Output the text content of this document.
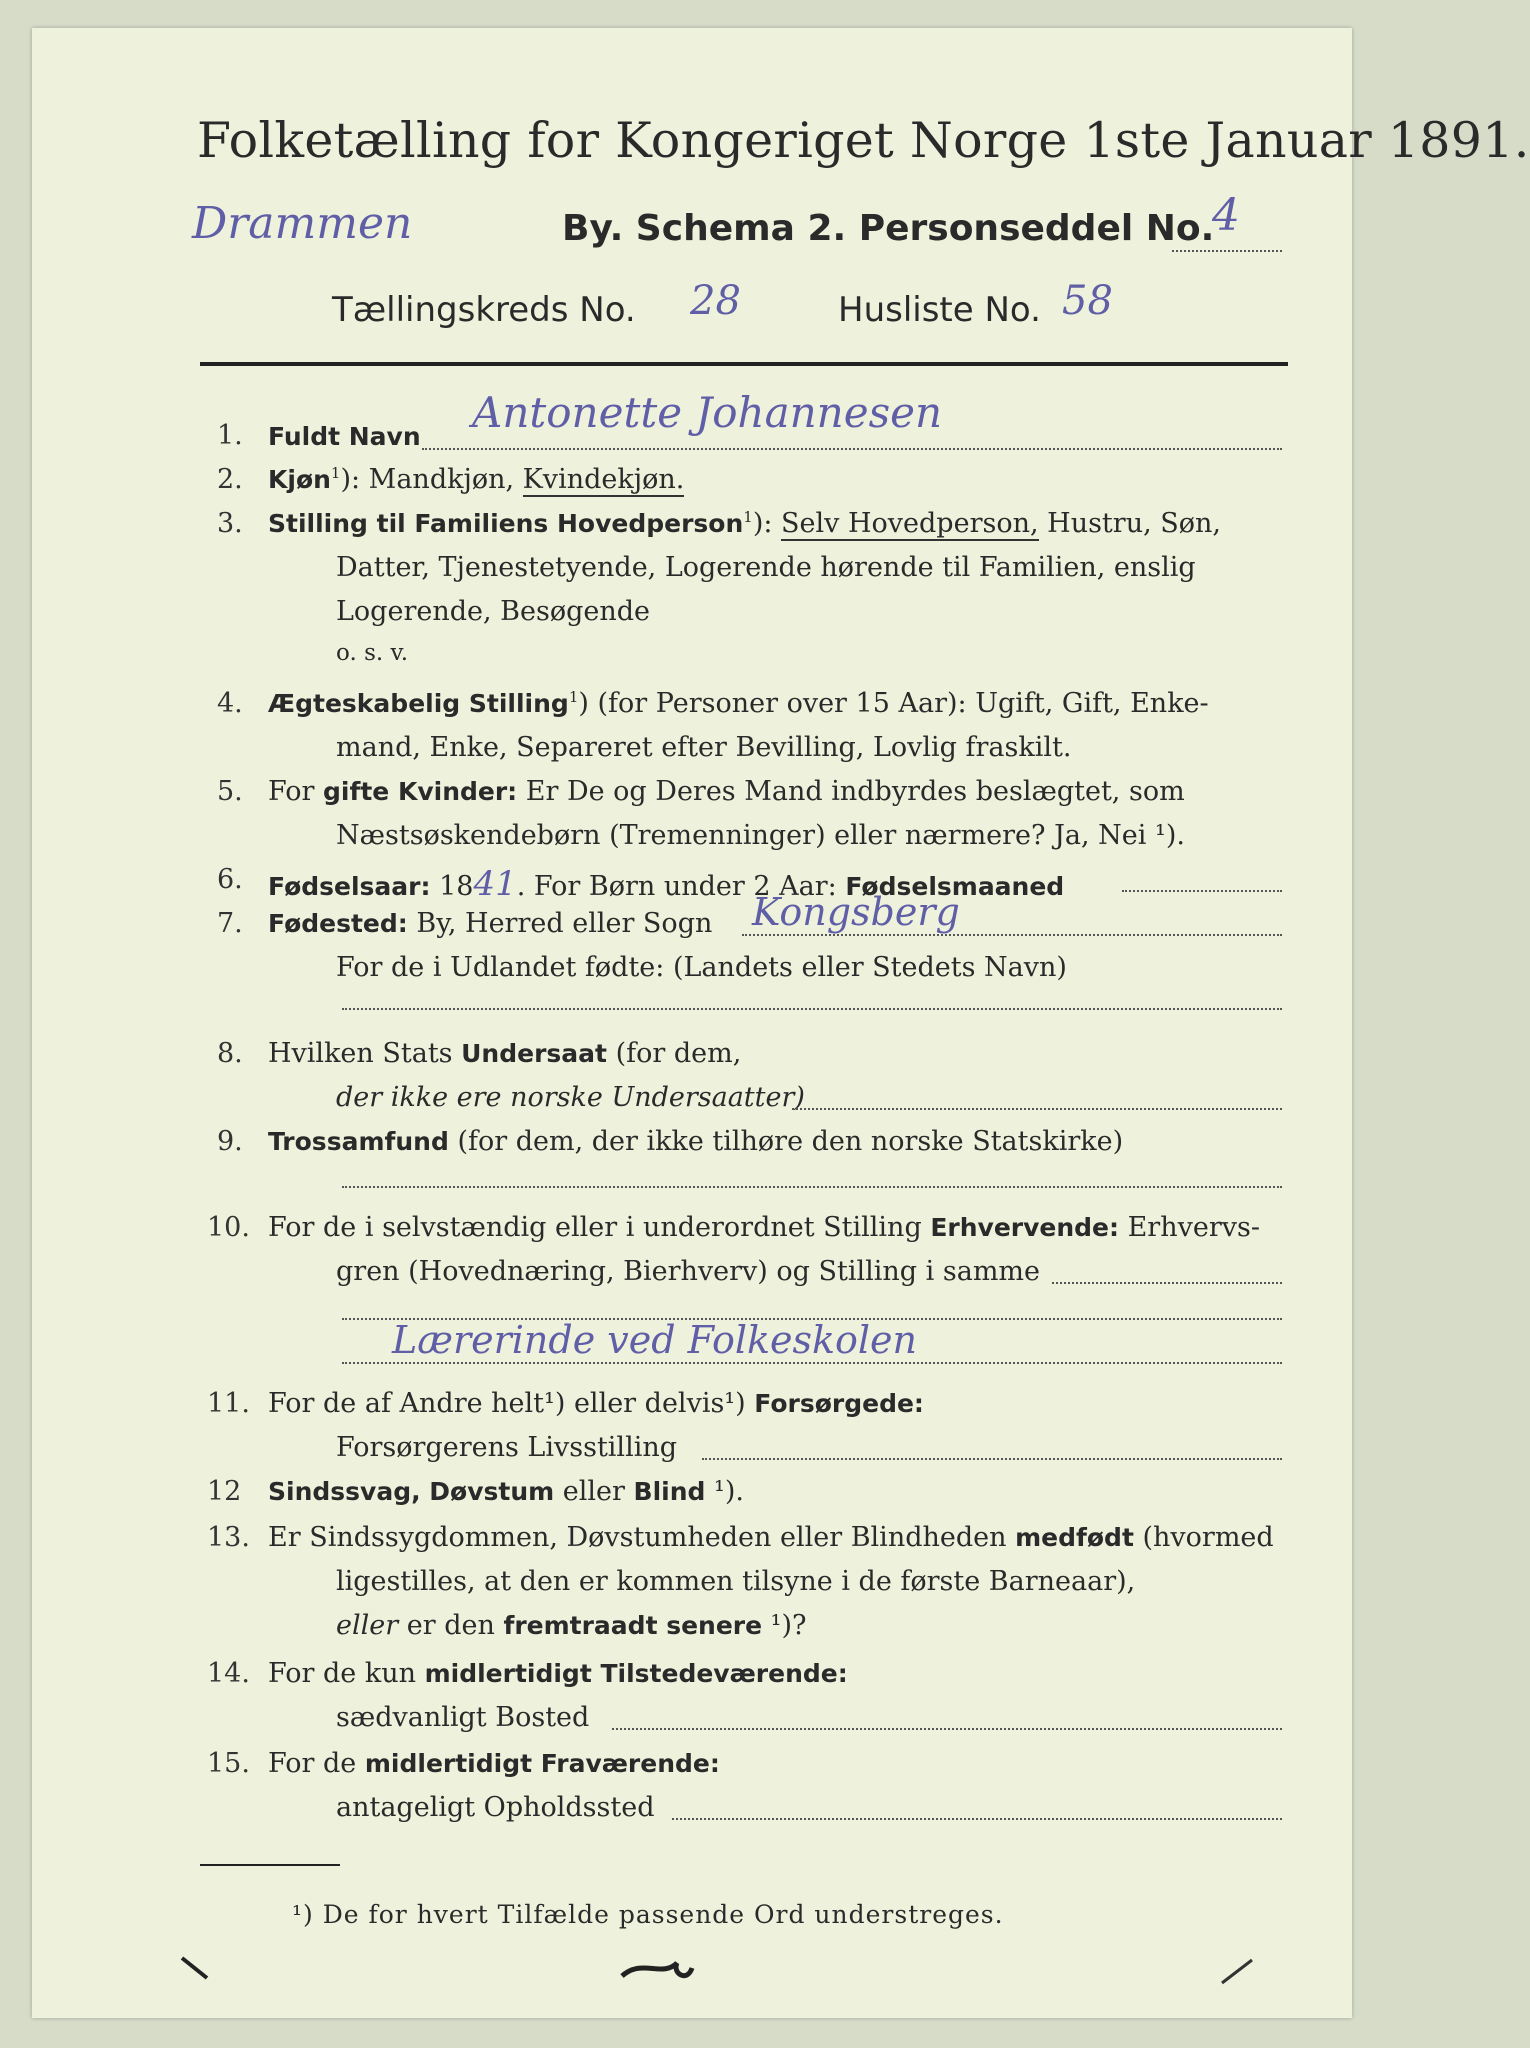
Folketælling for Kongeriget Norge 1ste Januar 1891.
Drammen	By. Schema 2. Personseddel No.
4
Tællingskreds No. 28	Husliste No. 58
1. Fuldt Navn Antonette Johannesen
2. Kjøn$^1$): Mandkjøn, Kvindekjøn.
3. Stilling til Familiens Hovedperson$^1$): Selv Hovedperson, Hustru, Søn,
Datter, Tjenestetyende, Logerende hørende til Familien, enslig
Logerende, Besøgende
o. s. v.
4. Ægteskabelig Stilling$^1$) (for Personer over 15 Aar): Ugift, Gift, Enke-
mand, Enke, Separeret efter Bevilling, Lovlig fraskilt.
5. For gifte Kvinder: Er De og Deres Mand indbyrdes beslægtet, som
Næstsøskendebørn (Tremenninger) eller nærmere? Ja, Nei ¹).
6. Fødselsaar: 1841. For Børn under 2 Aar: Fødselsmaaned
7. Fødested: By, Herred eller Sogn Kongsberg
For de i Udlandet fødte: (Landets eller Stedets Navn)
8. Hvilken Stats Undersaat (for dem,
der ikke ere norske Undersaatter)
9. Trossamfund (for dem, der ikke tilhøre den norske Statskirke)
10. For de i selvstændig eller i underordnet Stilling Erhvervende: Erhvervs-
gren (Hovednæring, Bierhverv) og Stilling i samme
Lærerinde ved Folkeskolen
11. For de af Andre helt¹) eller delvis¹) Forsørgede:
Forsørgerens Livsstilling
12 Sindssvag, Døvstum eller Blind ¹).
13. Er Sindssygdommen, Døvstumheden eller Blindheden medfødt (hvormed
ligestilles, at den er kommen tilsyne i de første Barneaar),
eller er den fremtraadt senere ¹)?
14. For de kun midlertidigt Tilstedeværende:
sædvanligt Bosted
15. For de midlertidigt Fraværende:
antageligt Opholdssted
¹) De for hvert Tilfælde passende Ord understreges.
